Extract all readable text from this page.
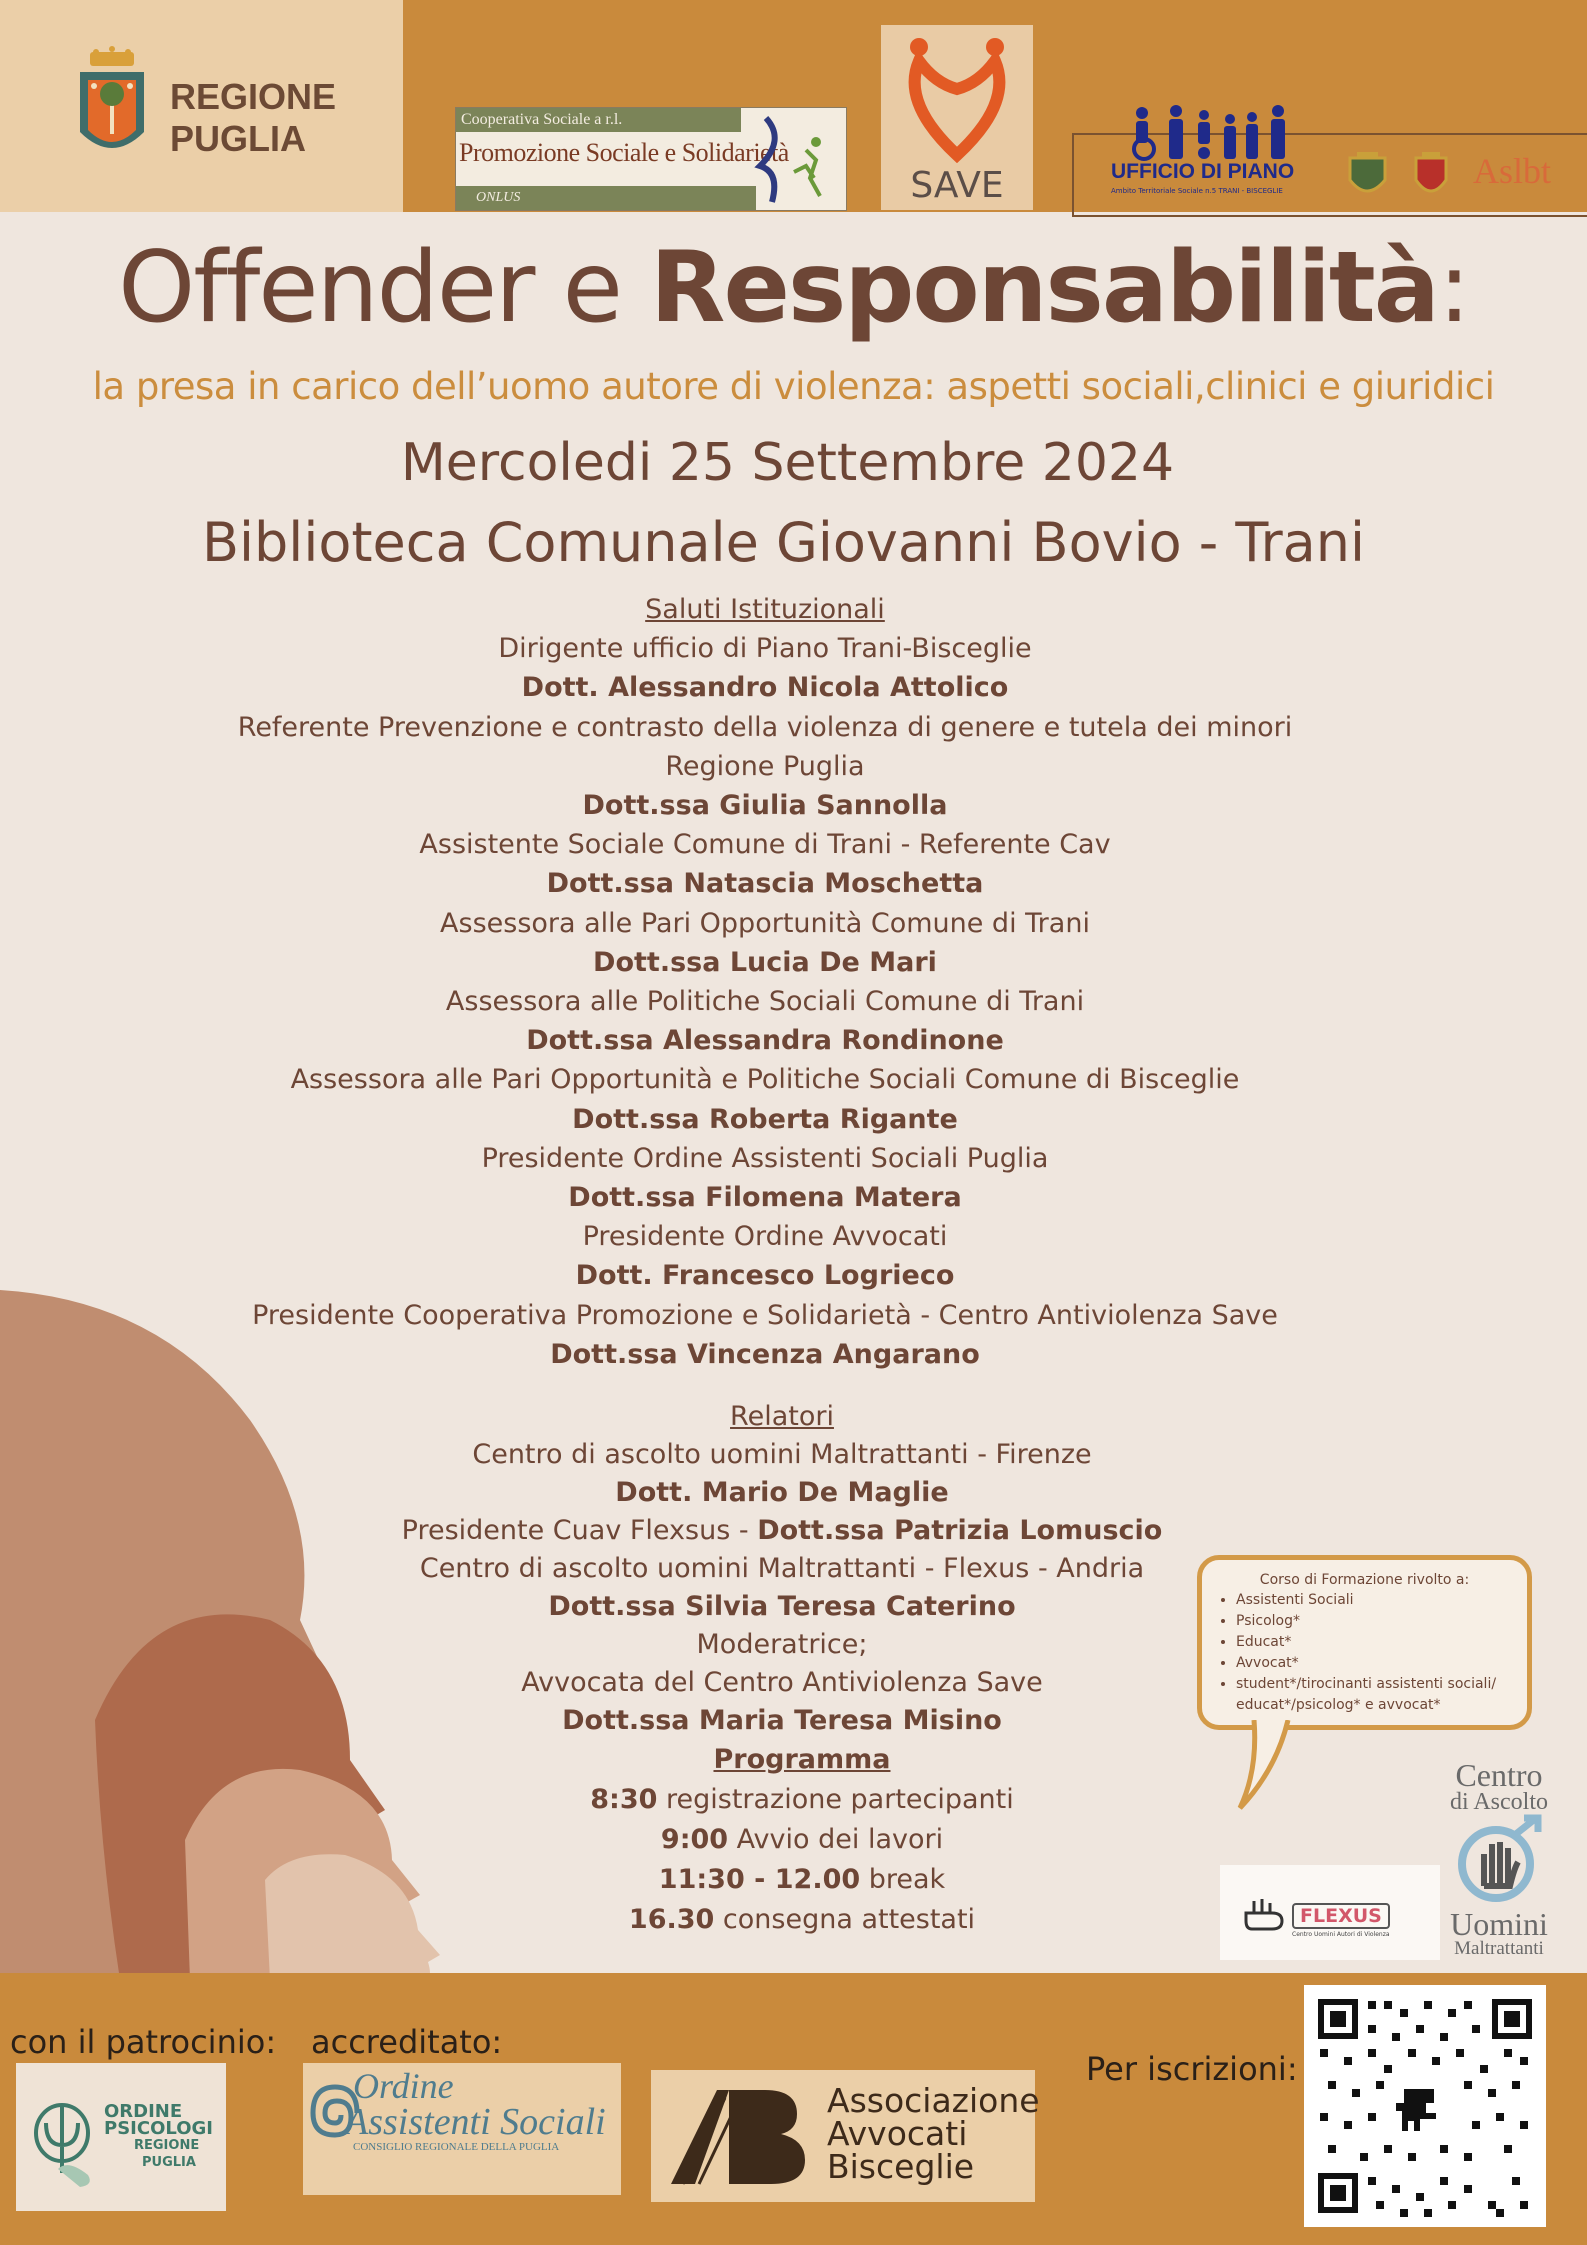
REGIONE
PUGLIA	Cooperativa Sociale a r.l.
Promozione Sociale e Solidarietà
ONLUS	SAVE	UFFICIO DI PIANO
Ambito Territoriale Sociale n.5 TRANI - BISCEGLIE	Aslbt
Offender e Responsabilità:
la presa in carico dell’uomo autore di violenza: aspetti sociali,clinici e giuridici
Mercoledi 25 Settembre 2024
Biblioteca Comunale Giovanni Bovio - Trani
Saluti Istituzionali
Dirigente ufficio di Piano Trani-Bisceglie
Dott. Alessandro Nicola Attolico
Referente Prevenzione e contrasto della violenza di genere e tutela dei minori
Regione Puglia
Dott.ssa Giulia Sannolla
Assistente Sociale Comune di Trani - Referente Cav
Dott.ssa Natascia Moschetta
Assessora alle Pari Opportunità Comune di Trani
Dott.ssa Lucia De Mari
Assessora alle Politiche Sociali Comune di Trani
Dott.ssa Alessandra Rondinone
Assessora alle Pari Opportunità e Politiche Sociali Comune di Bisceglie
Dott.ssa Roberta Rigante
Presidente Ordine Assistenti Sociali Puglia
Dott.ssa Filomena Matera
Presidente Ordine Avvocati
Dott. Francesco Logrieco
Presidente Cooperativa Promozione e Solidarietà - Centro Antiviolenza Save
Dott.ssa Vincenza Angarano
Relatori
Centro di ascolto uomini Maltrattanti - Firenze
Dott. Mario De Maglie
Presidente Cuav Flexsus - Dott.ssa Patrizia Lomuscio
Centro di ascolto uomini Maltrattanti - Flexus - Andria
Dott.ssa Silvia Teresa Caterino
Moderatrice;
Avvocata del Centro Antiviolenza Save
Dott.ssa Maria Teresa Misino
Programma
8:30 registrazione partecipanti
9:00 Avvio dei lavori
11:30 - 12.00 break
16.30 consegna attestati
Corso di Formazione rivolto a:
• Assistenti Sociali
• Psicolog*
• Educat*
• Avvocat*
• student*/tirocinanti assistenti sociali/ educat*/psicolog* e avvocat*
FLEXUS
Centro Uomini Autori di Violenza
Centro
di Ascolto
Uomini
Maltrattanti
con il patrocinio: accreditato:
Per iscrizioni:
ORDINE
PSICOLOGI
REGIONE
PUGLIA
Ordine
Assistenti Sociali
CONSIGLIO REGIONALE DELLA PUGLIA
Associazione
Avvocati
Bisceglie
